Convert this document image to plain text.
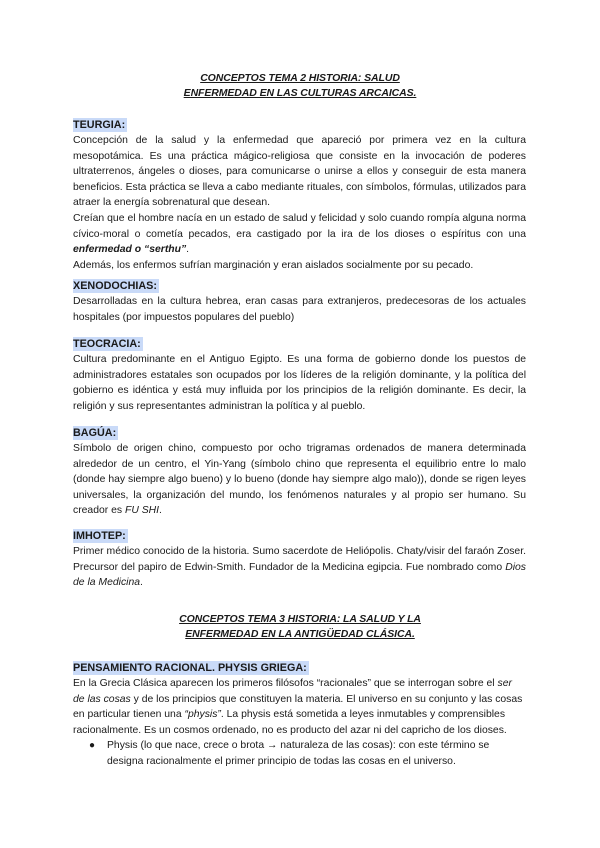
CONCEPTOS TEMA 2 HISTORIA: SALUD
ENFERMEDAD EN LAS CULTURAS ARCAICAS.
TEURGIA:

Concepción de la salud y la enfermedad que apareció por primera vez en la cultura mesopotámica. Es una práctica mágico-religiosa que consiste en la invocación de poderes ultraterrenos, ángeles o dioses, para comunicarse o unirse a ellos y conseguir de esta manera beneficios. Esta práctica se lleva a cabo mediante rituales, con símbolos, fórmulas, utilizados para atraer la energía sobrenatural que desean.

Creían que el hombre nacía en un estado de salud y felicidad y solo cuando rompía alguna norma cívico-moral o cometía pecados, era castigado por la ira de los dioses o espíritus con una enfermedad o “serthu”.

Además, los enfermos sufrían marginación y eran aislados socialmente por su pecado.

XENODOCHIAS:

Desarrolladas en la cultura hebrea, eran casas para extranjeros, predecesoras de los actuales hospitales (por impuestos populares del pueblo)

TEOCRACIA:

Cultura predominante en el Antiguo Egipto. Es una forma de gobierno donde los puestos de administradores estatales son ocupados por los líderes de la religión dominante, y la política del gobierno es idéntica y está muy influida por los principios de la religión dominante. Es decir, la religión y sus representantes administran la política y al pueblo.

BAGÚA:

Símbolo de origen chino, compuesto por ocho trigramas ordenados de manera determinada alrededor de un centro, el Yin-Yang (símbolo chino que representa el equilibrio entre lo malo (donde hay siempre algo bueno) y lo bueno (donde hay siempre algo malo)), donde se rigen leyes universales, la organización del mundo, los fenómenos naturales y al propio ser humano. Su creador es FU SHI.

IMHOTEP:

Primer médico conocido de la historia. Sumo sacerdote de Heliópolis. Chaty/visir del faraón Zoser. Precursor del papiro de Edwin-Smith. Fundador de la Medicina egipcia. Fue nombrado como Dios de la Medicina.

CONCEPTOS TEMA 3 HISTORIA: LA SALUD Y LA
ENFERMEDAD EN LA ANTIGÜEDAD CLÁSICA.
PENSAMIENTO RACIONAL. PHYSIS GRIEGA:

En la Grecia Clásica aparecen los primeros filósofos “racionales” que se interrogan sobre el ser de las cosas y de los principios que constituyen la materia. El universo en su conjunto y las cosas en particular tienen una “physis”. La physis está sometida a leyes inmutables y comprensibles racionalmente. Es un cosmos ordenado, no es producto del azar ni del capricho de los dioses.

● Physis (lo que nace, crece o brota → naturaleza de las cosas): con este término se designa racionalmente el primer principio de todas las cosas en el universo.
